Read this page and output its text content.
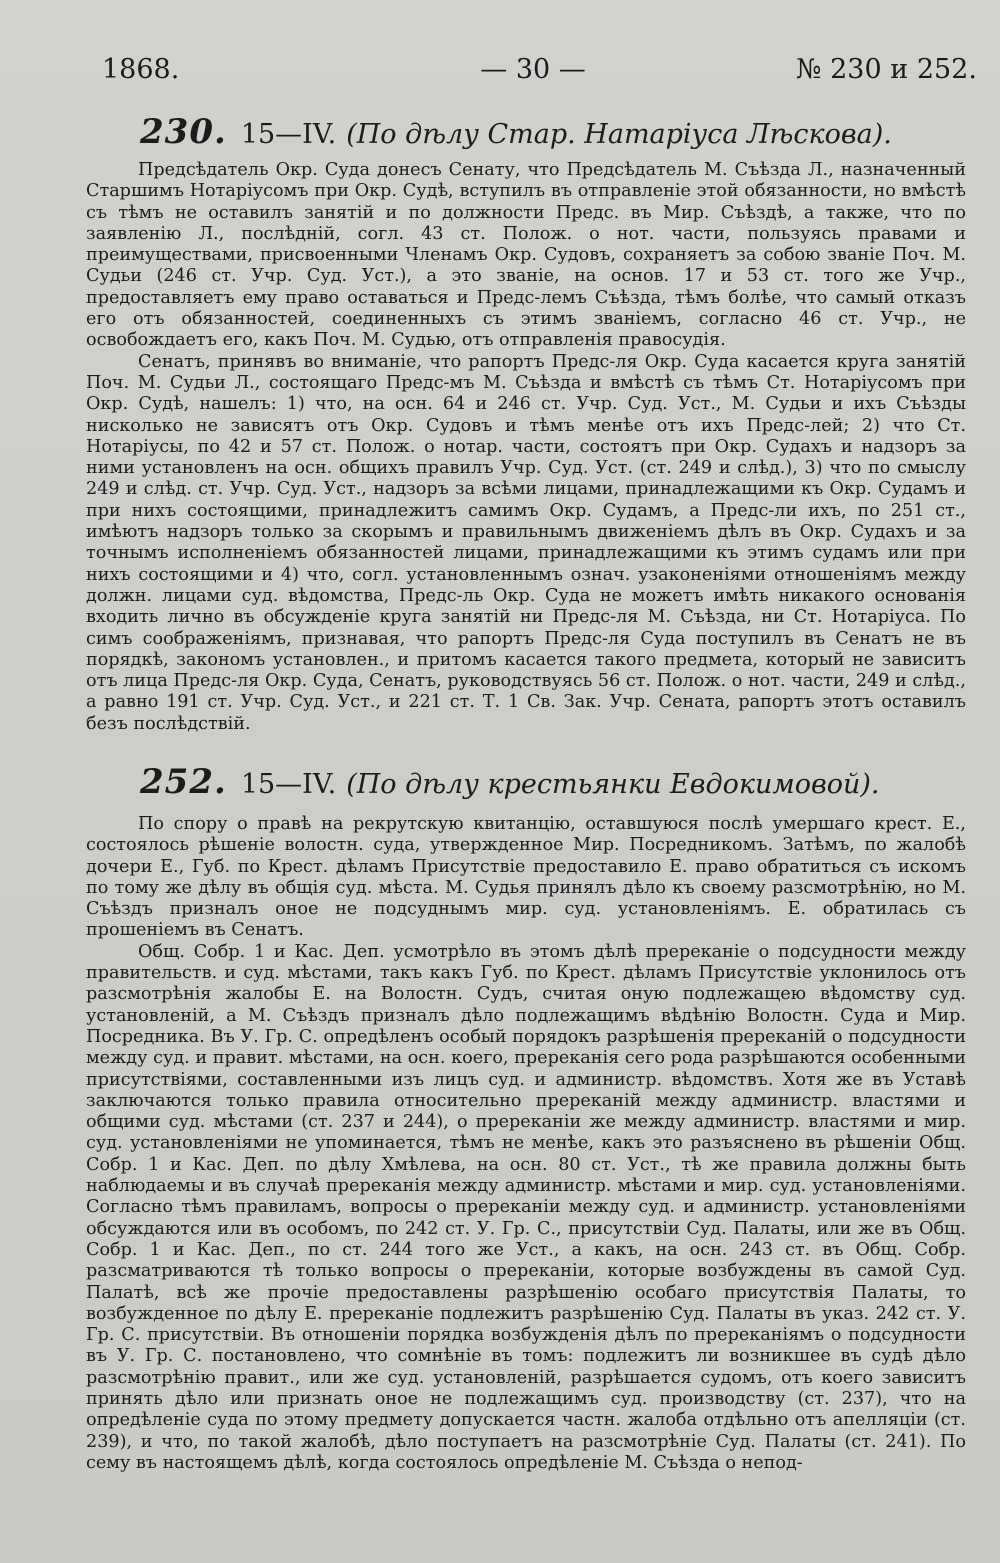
1868.	— 30 —	№ 230 и 252.
230. 15—IV. (По дѣлу Стар. Натаріуса Лѣскова).

Предсѣдатель Окр. Суда донесъ Сенату, что Предсѣдатель М. Съѣзда Л., назначенный Старшимъ Нотаріусомъ при Окр. Судѣ, вступилъ въ отправленіе этой обязанности, но вмѣстѣ съ тѣмъ не оставилъ занятій и по должности Предс. въ Мир. Съѣздѣ, а также, что по заявленію Л., послѣдній, согл. 43 ст. Полож. о нот. части, пользуясь правами и преимуществами, присвоенными Членамъ Окр. Судовъ, сохраняетъ за собою званіе Поч. М. Судьи (246 ст. Учр. Суд. Уст.), а это званіе, на основ. 17 и 53 ст. того же Учр., предоставляетъ ему право оставаться и Предс-лемъ Съѣзда, тѣмъ болѣе, что самый отказъ его отъ обязанностей, соединенныхъ съ этимъ званіемъ, согласно 46 ст. Учр., не освобождаетъ его, какъ Поч. М. Судью, отъ отправленія правосудія.

Сенатъ, принявъ во вниманіе, что рапортъ Предс-ля Окр. Суда касается круга занятій Поч. М. Судьи Л., состоящаго Предс-мъ М. Съѣзда и вмѣстѣ съ тѣмъ Ст. Нотаріусомъ при Окр. Судѣ, нашелъ: 1) что, на осн. 64 и 246 ст. Учр. Суд. Уст., М. Судьи и ихъ Съѣзды нисколько не зависятъ отъ Окр. Судовъ и тѣмъ менѣе отъ ихъ Предс-лей; 2) что Ст. Нотаріусы, по 42 и 57 ст. Полож. о нотар. части, состоятъ при Окр. Судахъ и надзоръ за ними установленъ на осн. общихъ правилъ Учр. Суд. Уст. (ст. 249 и слѣд.), 3) что по смыслу 249 и слѣд. ст. Учр. Суд. Уст., надзоръ за всѣми лицами, принадлежащими къ Окр. Судамъ и при нихъ состоящими, принадлежитъ самимъ Окр. Судамъ, а Предс-ли ихъ, по 251 ст., имѣютъ надзоръ только за скорымъ и правильнымъ движеніемъ дѣлъ въ Окр. Судахъ и за точнымъ исполненіемъ обязанностей лицами, принадлежащими къ этимъ судамъ или при нихъ состоящими и 4) что, согл. установленнымъ означ. узаконеніями отношеніямъ между должн. лицами суд. вѣдомства, Предс-ль Окр. Суда не можетъ имѣть никакого основанія входить лично въ обсужденіе круга занятій ни Предс-ля М. Съѣзда, ни Ст. Нотаріуса. По симъ соображеніямъ, признавая, что рапортъ Предс-ля Суда поступилъ въ Сенатъ не въ порядкѣ, закономъ установлен., и притомъ касается такого предмета, который не зависитъ отъ лица Предс-ля Окр. Суда, Сенатъ, руководствуясь 56 ст. Полож. о нот. части, 249 и слѣд., а равно 191 ст. Учр. Суд. Уст., и 221 ст. Т. 1 Св. Зак. Учр. Сената, рапортъ этотъ оставилъ безъ послѣдствій.

252. 15—IV. (По дѣлу крестьянки Евдокимовой).

По спору о правѣ на рекрутскую квитанцію, оставшуюся послѣ умершаго крест. Е., состоялось рѣшеніе волостн. суда, утвержденное Мир. Посредникомъ. Затѣмъ, по жалобѣ дочери Е., Губ. по Крест. дѣламъ Присутствіе предоставило Е. право обратиться съ искомъ по тому же дѣлу въ общія суд. мѣста. М. Судья принялъ дѣло къ своему разсмотрѣнію, но М. Съѣздъ призналъ оное не подсуднымъ мир. суд. установленіямъ. Е. обратилась съ прошеніемъ въ Сенатъ.

Общ. Собр. 1 и Кас. Деп. усмотрѣло въ этомъ дѣлѣ пререканіе о подсудности между правительств. и суд. мѣстами, такъ какъ Губ. по Крест. дѣламъ Присутствіе уклонилось отъ разсмотрѣнія жалобы Е. на Волостн. Судъ, считая оную подлежащею вѣдомству суд. установленій, а М. Съѣздъ призналъ дѣло подлежащимъ вѣдѣнію Волостн. Суда и Мир. Посредника. Въ У. Гр. С. опредѣленъ особый порядокъ разрѣшенія пререканій о подсудности между суд. и правит. мѣстами, на осн. коего, пререканія сего рода разрѣшаются особенными присутствіями, составленными изъ лицъ суд. и администр. вѣдомствъ. Хотя же въ Уставѣ заключаются только правила относительно пререканій между администр. властями и общими суд. мѣстами (ст. 237 и 244), о пререканіи же между администр. властями и мир. суд. установленіями не упоминается, тѣмъ не менѣе, какъ это разъяснено въ рѣшеніи Общ. Собр. 1 и Кас. Деп. по дѣлу Хмѣлева, на осн. 80 ст. Уст., тѣ же правила должны быть наблюдаемы и въ случаѣ пререканія между администр. мѣстами и мир. суд. установленіями. Согласно тѣмъ правиламъ, вопросы о пререканіи между суд. и администр. установленіями обсуждаются или въ особомъ, по 242 ст. У. Гр. С., присутствіи Суд. Палаты, или же въ Общ. Собр. 1 и Кас. Деп., по ст. 244 того же Уст., а какъ, на осн. 243 ст. въ Общ. Собр. разсматриваются тѣ только вопросы о пререканіи, которые возбуждены въ самой Суд. Палатѣ, всѣ же прочіе предоставлены разрѣшенію особаго присутствія Палаты, то возбужденное по дѣлу Е. пререканіе подлежитъ разрѣшенію Суд. Палаты въ указ. 242 ст. У. Гр. С. присутствіи. Въ отношеніи порядка возбужденія дѣлъ по пререканіямъ о подсудности въ У. Гр. С. постановлено, что сомнѣніе въ томъ: подлежитъ ли возникшее въ судѣ дѣло разсмотрѣнію правит., или же суд. установленій, разрѣшается судомъ, отъ коего зависитъ принять дѣло или признать оное не подлежащимъ суд. производству (ст. 237), что на опредѣленіе суда по этому предмету допускается частн. жалоба отдѣльно отъ апелляціи (ст. 239), и что, по такой жалобѣ, дѣло поступаетъ на разсмотрѣніе Суд. Палаты (ст. 241). По сему въ настоящемъ дѣлѣ, когда состоялось опредѣленіе М. Съѣзда о непод-
